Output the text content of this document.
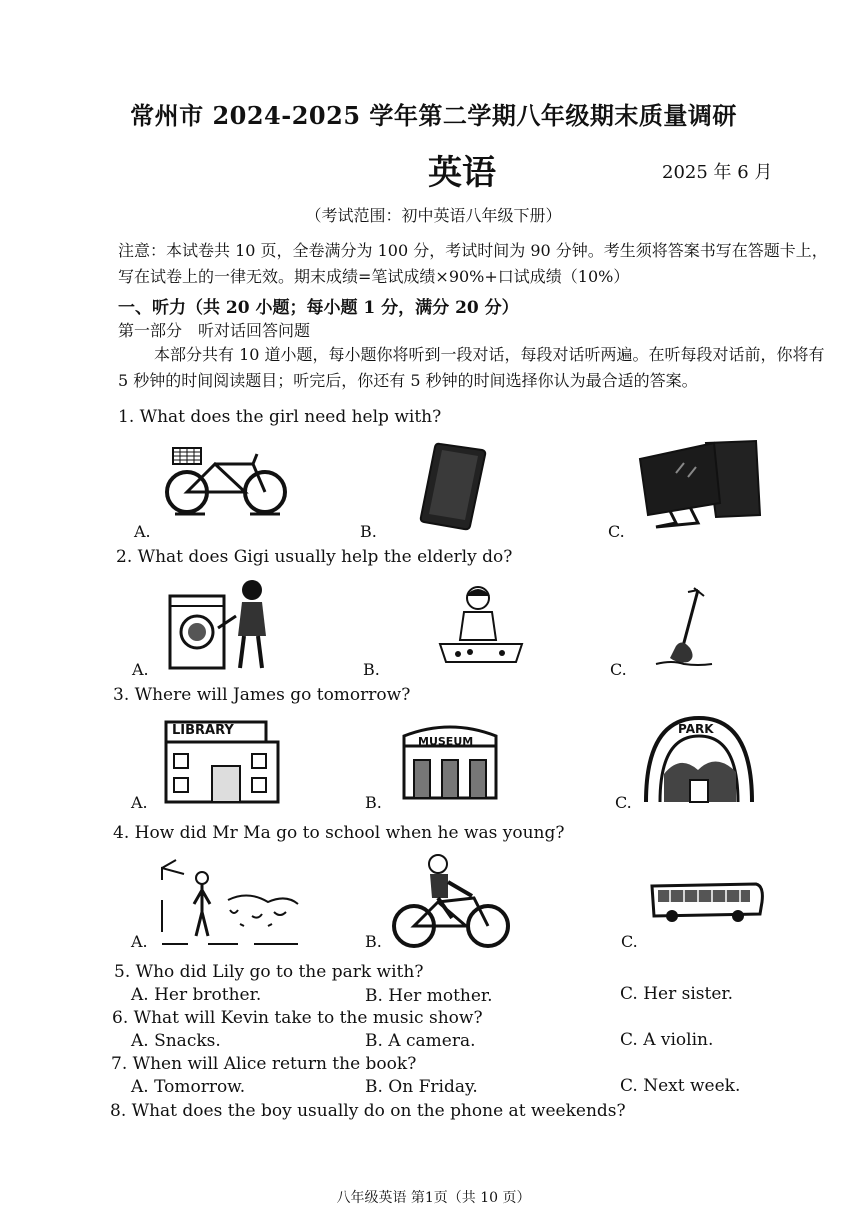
常州市 2024-2025 学年第二学期八年级期末质量调研
英语	2025 年 6 月
（考试范围：初中英语八年级下册）
注意：本试卷共 10 页，全卷满分为 100 分，考试时间为 90 分钟。考生须将答案书写在答题卡上，写在试卷上的一律无效。期末成绩=笔试成绩×90%+口试成绩（10%）
一、听力（共 20 小题；每小题 1 分，满分 20 分）
第一部分　听对话回答问题
本部分共有 10 道小题，每小题你将听到一段对话，每段对话听两遍。在听每段对话前，你将有 5 秒钟的时间阅读题目；听完后，你还有 5 秒钟的时间选择你认为最合适的答案。
1. What does the girl need help with?
A.	B.	C.
2. What does Gigi usually help the elderly do?
A.	B.	C.
3. Where will James go tomorrow?
LIBRARY
MUSEUM
PARK
A.	B.	C.
4. How did Mr Ma go to school when he was young?
A.	B.	C.
5. Who did Lily go to the park with?
A. Her brother.	B. Her mother.	C. Her sister.
6. What will Kevin take to the music show?
A. Snacks.	B. A camera.	C. A violin.
7. When will Alice return the book?
A. Tomorrow.	B. On Friday.	C. Next week.
8. What does the boy usually do on the phone at weekends?
八年级英语 第1页（共 10 页）
